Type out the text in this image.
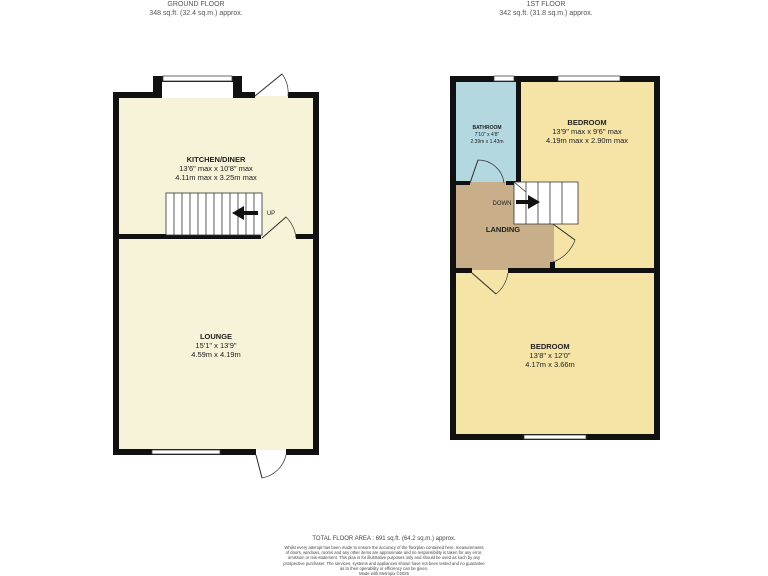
GROUND FLOOR
348 sq.ft. (32.4 sq.m.) approx.
1ST FLOOR
342 sq.ft. (31.8 sq.m.) approx.
UP
KITCHEN/DINER
13'6" max x 10'8" max
4.11m max x 3.25m max
LOUNGE
15'1" x 13'9"
4.59m x 4.19m
DOWN
BATHROOM
7'10" x 4'8"
2.39m x 1.43m
BEDROOM
13'9" max x 9'6" max
4.19m max x 2.90m max
LANDING
BEDROOM
13'8" x 12'0"
4.17m x 3.66m
TOTAL FLOOR AREA : 691 sq.ft. (64.2 sq.m.) approx.
Whilst every attempt has been made to ensure the accuracy of the floorplan contained here, measurements
of doors, windows, rooms and any other items are approximate and no responsibility is taken for any error,
omission or mis-statement. This plan is for illustrative purposes only and should be used as such by any
prospective purchaser. The services, systems and appliances shown have not been tested and no guarantee
as to their operability or efficiency can be given.
Made with Metropix ©2025
